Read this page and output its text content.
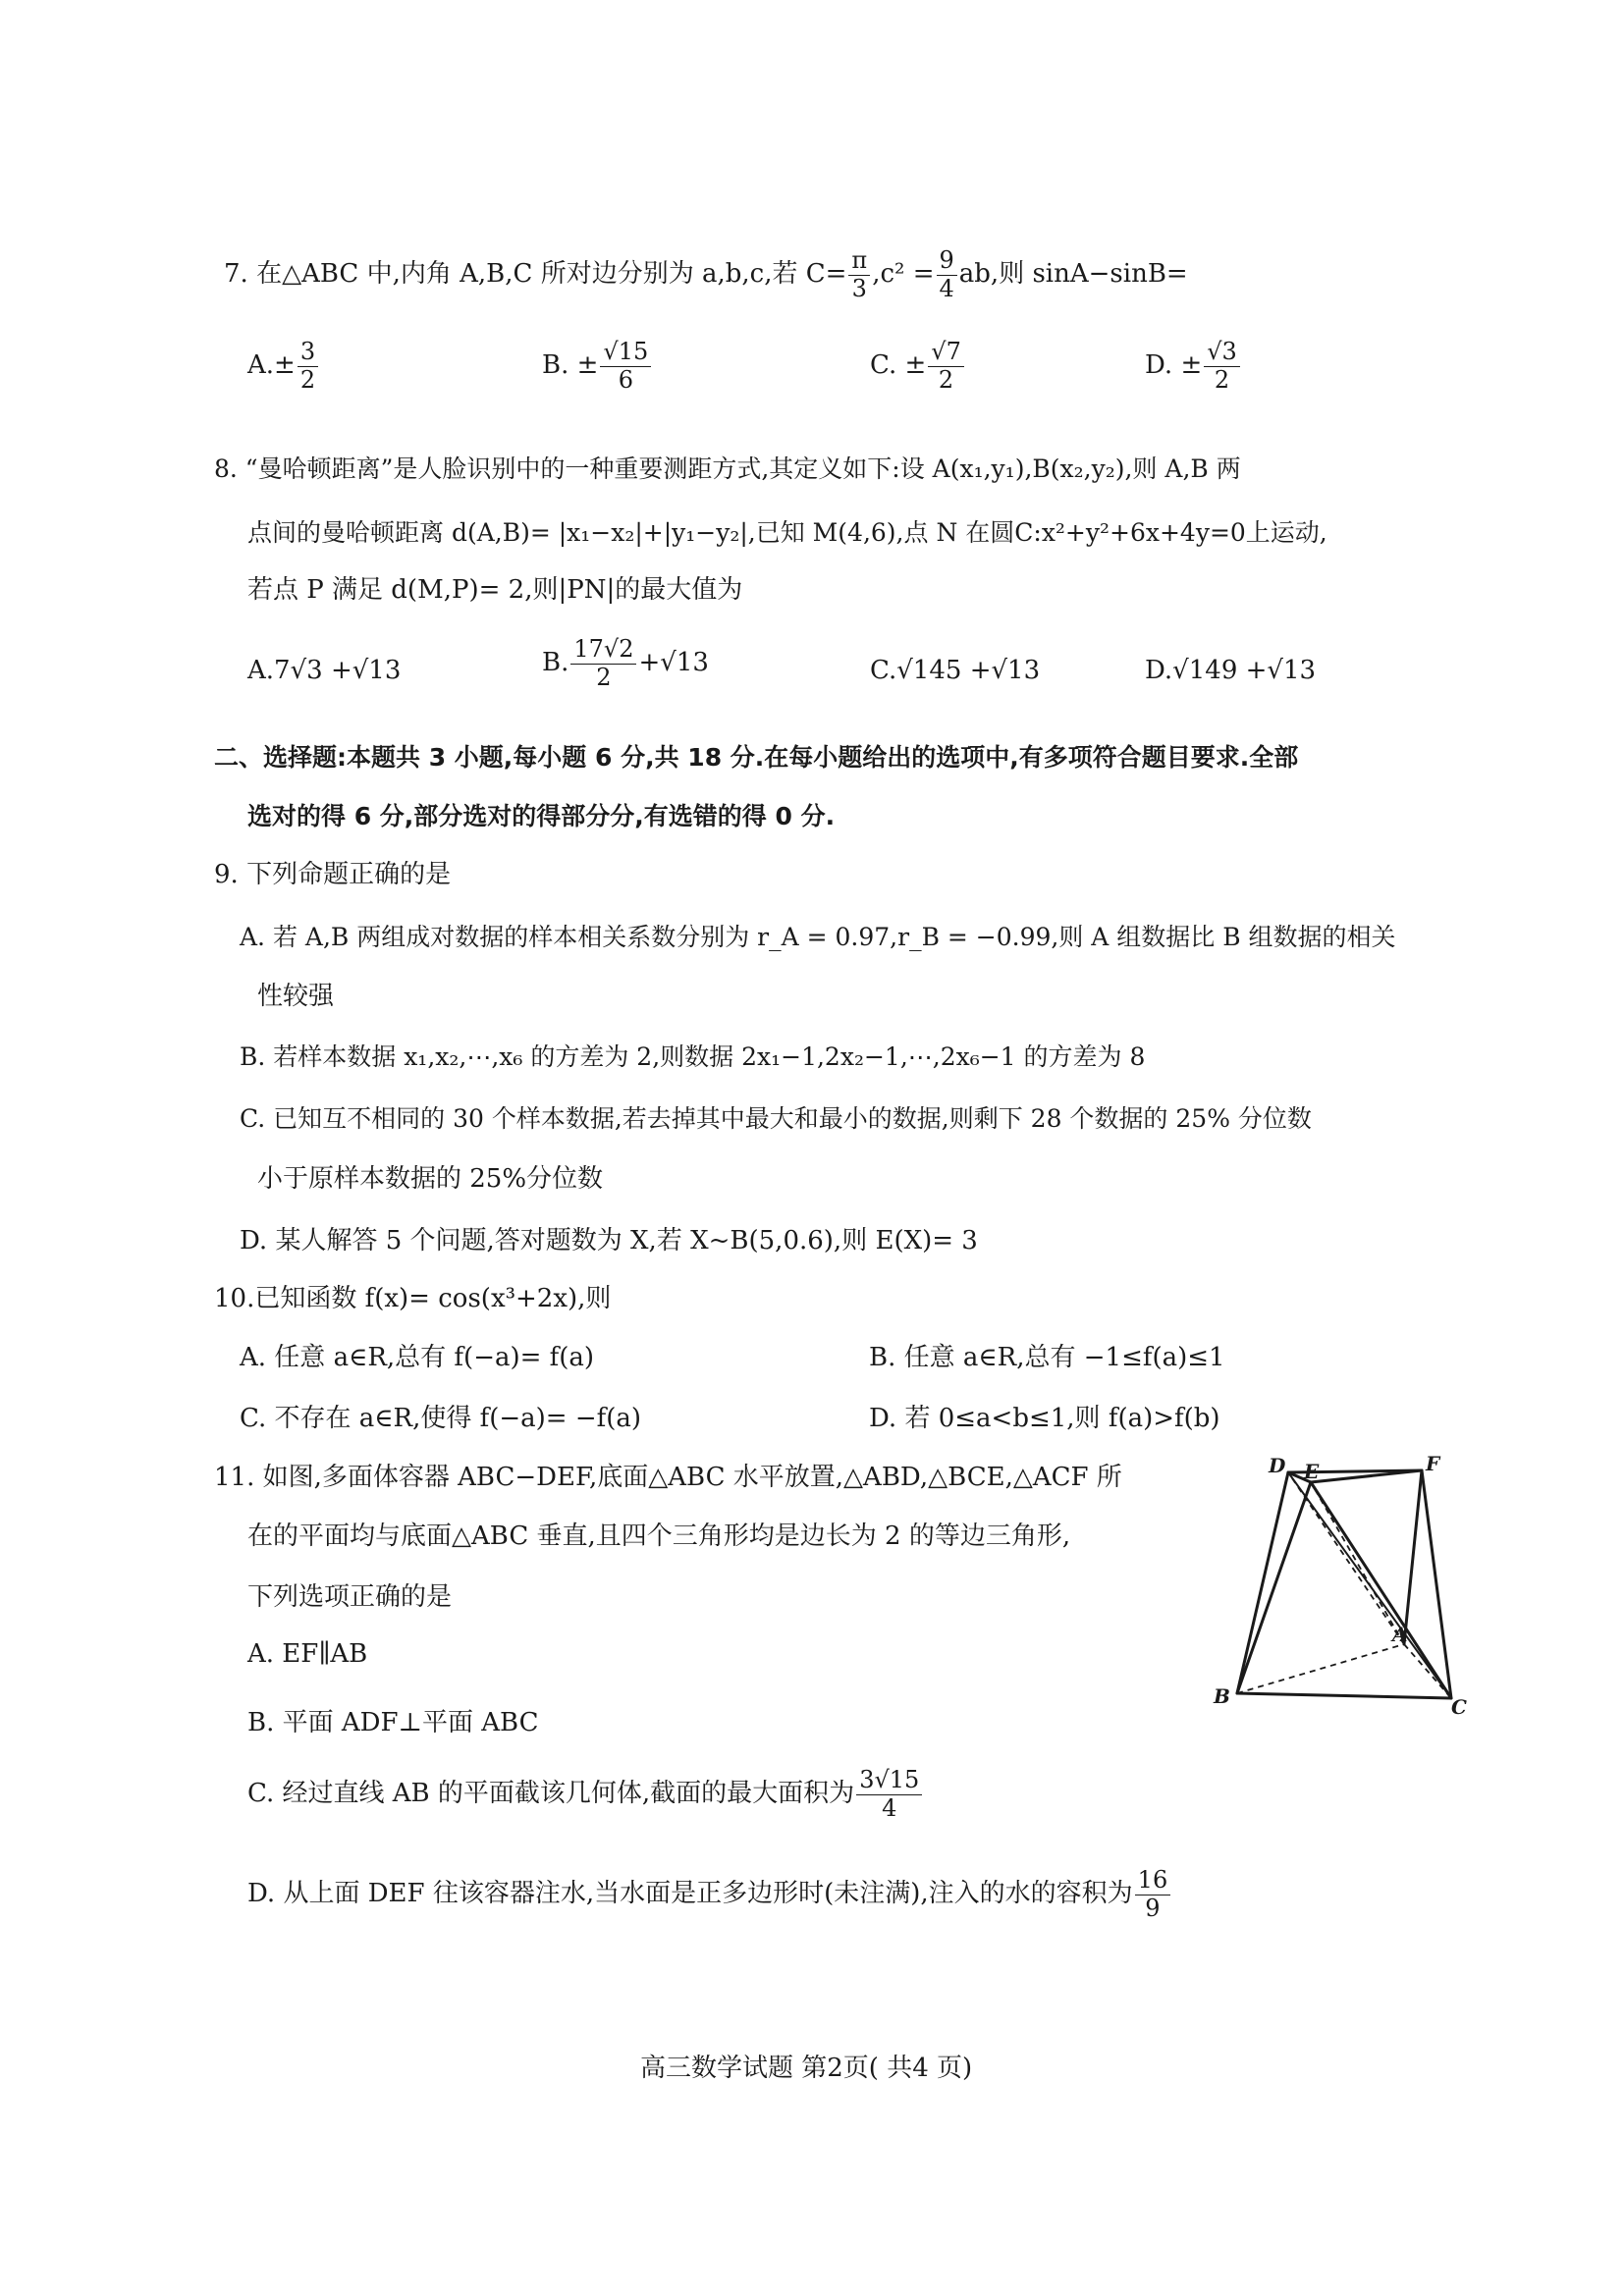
7. 在△ABC 中,内角 A,B,C 所对边分别为 a,b,c,若 $C= \frac{\pi}{3} ,c^2 = \frac{9}{4}$ ab,则 sinA−sinB=
$A.\pm \frac{3}{2}$	B. ± $\frac{√15}{6}$	C. ± $\frac{√7}{2}$	D. ± $\frac{√3}{2}$
8. “曼哈顿距离”是人脸识别中的一种重要测距方式,其定义如下:设 A(x₁,y₁),B(x₂,y₂),则 A,B 两
点间的曼哈顿距离 d(A,B)= |x₁−x₂|+|y₁−y₂|,已知 M(4,6),点 N 在圆C:x²+y²+6x+4y=0上运动,
若点 P 满足 d(M,P)= 2,则|PN|的最大值为
A.7√3 +√13	B. $\frac{17√2}{2} +√13$	C.√145 +√13	D.√149 +√13
二、选择题:本题共 3 小题,每小题 6 分,共 18 分.在每小题给出的选项中,有多项符合题目要求.全部
选对的得 6 分,部分选对的得部分分,有选错的得 0 分.
9. 下列命题正确的是
A. 若 A,B 两组成对数据的样本相关系数分别为 r_A = 0.97,r_B = −0.99,则 A 组数据比 B 组数据的相关
性较强
B. 若样本数据 x₁,x₂,⋯,x₆ 的方差为 2,则数据 2x₁−1,2x₂−1,⋯,2x₆−1 的方差为 8
C. 已知互不相同的 30 个样本数据,若去掉其中最大和最小的数据,则剩下 28 个数据的 25% 分位数
小于原样本数据的 25%分位数
D. 某人解答 5 个问题,答对题数为 X,若 X~B(5,0.6),则 E(X)= 3
10.已知函数 f(x)= cos(x³+2x),则
A. 任意 a∈R,总有 f(−a)= f(a)	B. 任意 a∈R,总有 −1≤f(a)≤1
C. 不存在 a∈R,使得 f(−a)= −f(a)	D. 若 0≤a<b≤1,则 f(a)>f(b)
11. 如图,多面体容器 ABC−DEF,底面△ABC 水平放置,△ABD,△BCE,△ACF 所
在的平面均与底面△ABC 垂直,且四个三角形均是边长为 2 的等边三角形,
下列选项正确的是
A. EF∥AB
B. 平面 ADF⊥平面 ABC
C. 经过直线 AB 的平面截该几何体,截面的最大面积为 $\frac{3√15}{4}$
D. 从上面 DEF 往该容器注水,当水面是正多边形时(未注满),注入的水的容积为 $\frac{16}{9}$
D E	F
A
B	C
高三数学试题 第2页( 共4 页)
